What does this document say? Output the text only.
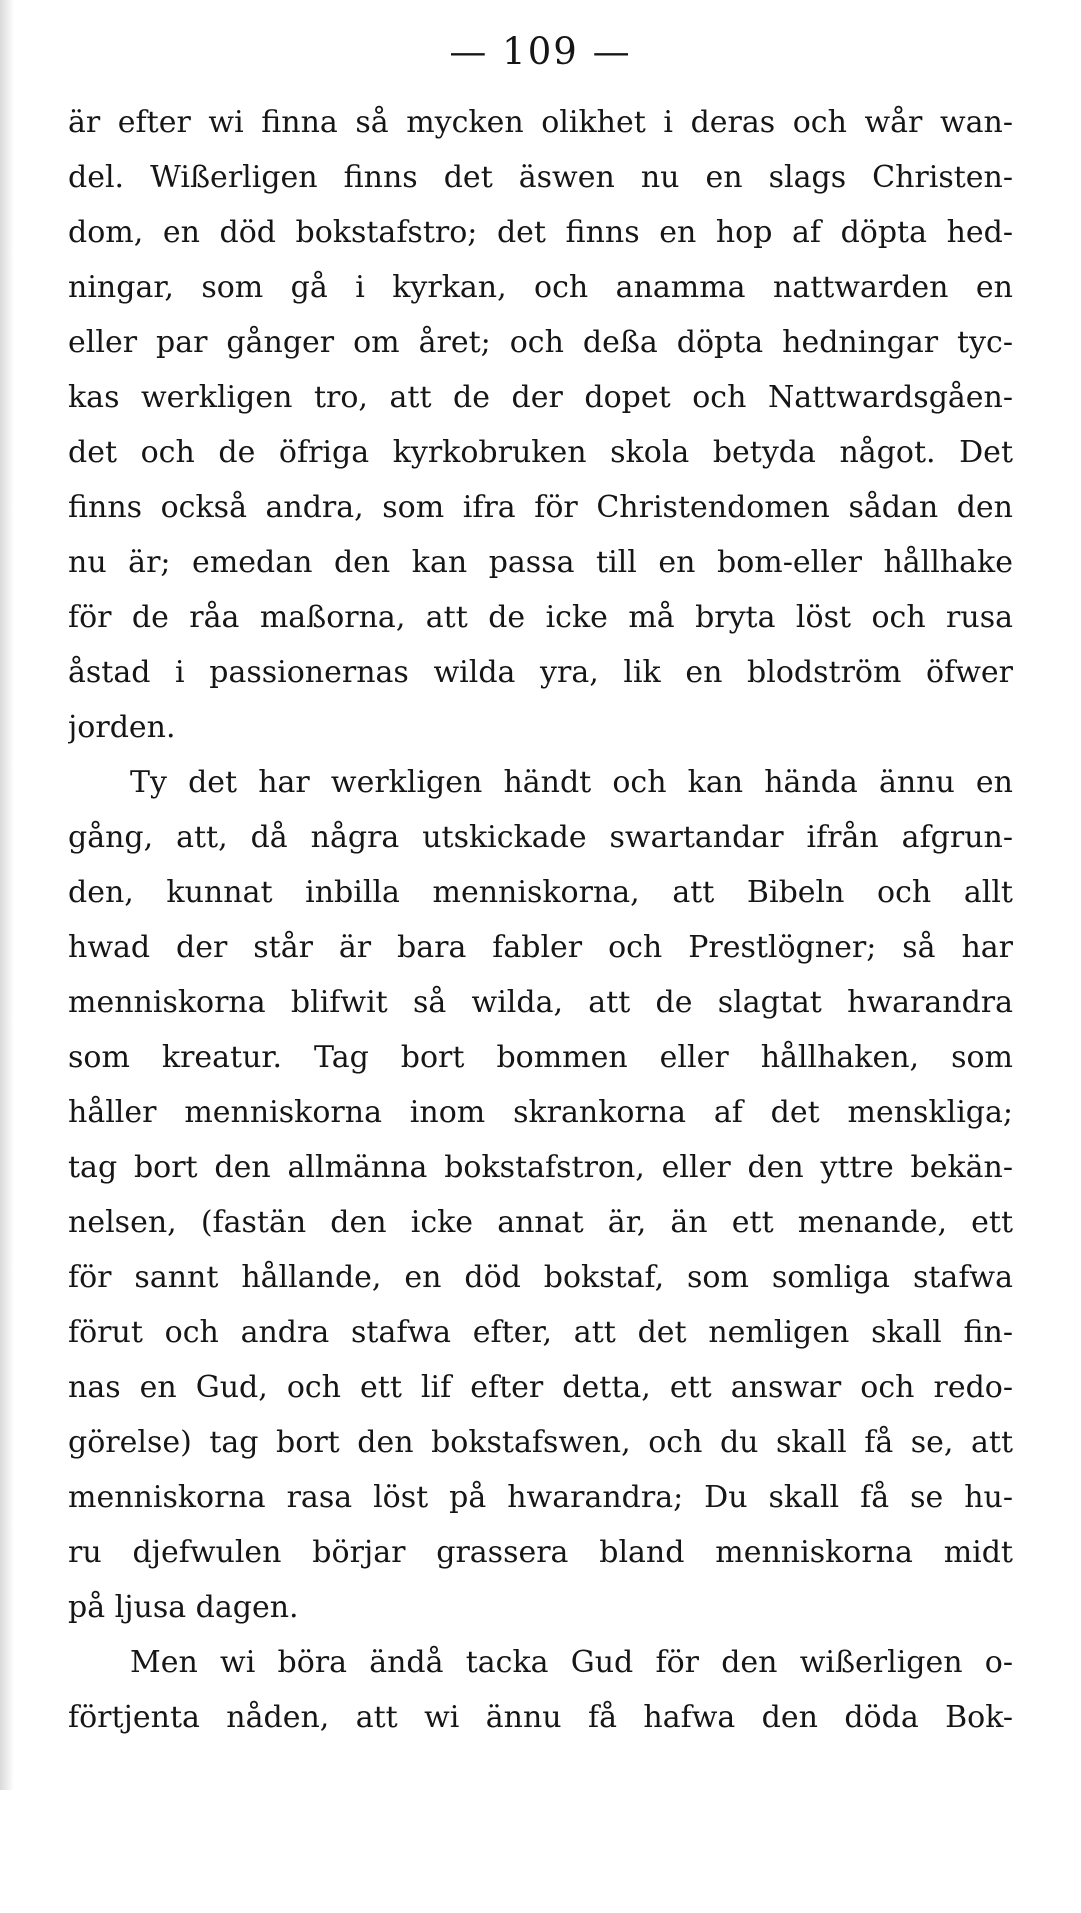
— 109 —
är efter wi finna så mycken olikhet i deras och wår wan-
del. Wißerligen finns det äswen nu en slags Christen-
dom, en död bokstafstro; det finns en hop af döpta hed-
ningar, som gå i kyrkan, och anamma nattwarden en
eller par gånger om året; och deßa döpta hedningar tyc-
kas werkligen tro, att de der dopet och Nattwardsgåen-
det och de öfriga kyrkobruken skola betyda något. Det
finns också andra, som ifra för Christendomen sådan den
nu är; emedan den kan passa till en bom-eller hållhake
för de råa maßorna, att de icke må bryta löst och rusa
åstad i passionernas wilda yra, lik en blodström öfwer
jorden.
Ty det har werkligen händt och kan hända ännu en
gång, att, då några utskickade swartandar ifrån afgrun-
den, kunnat inbilla menniskorna, att Bibeln och allt
hwad der står är bara fabler och Prestlögner; så har
menniskorna blifwit så wilda, att de slagtat hwarandra
som kreatur. Tag bort bommen eller hållhaken, som
håller menniskorna inom skrankorna af det menskliga;
tag bort den allmänna bokstafstron, eller den yttre bekän-
nelsen, (fastän den icke annat är, än ett menande, ett
för sannt hållande, en död bokstaf, som somliga stafwa
förut och andra stafwa efter, att det nemligen skall fin-
nas en Gud, och ett lif efter detta, ett answar och redo-
görelse) tag bort den bokstafswen, och du skall få se, att
menniskorna rasa löst på hwarandra; Du skall få se hu-
ru djefwulen börjar grassera bland menniskorna midt
på ljusa dagen.
Men wi böra ändå tacka Gud för den wißerligen o-
förtjenta nåden, att wi ännu få hafwa den döda Bok-
